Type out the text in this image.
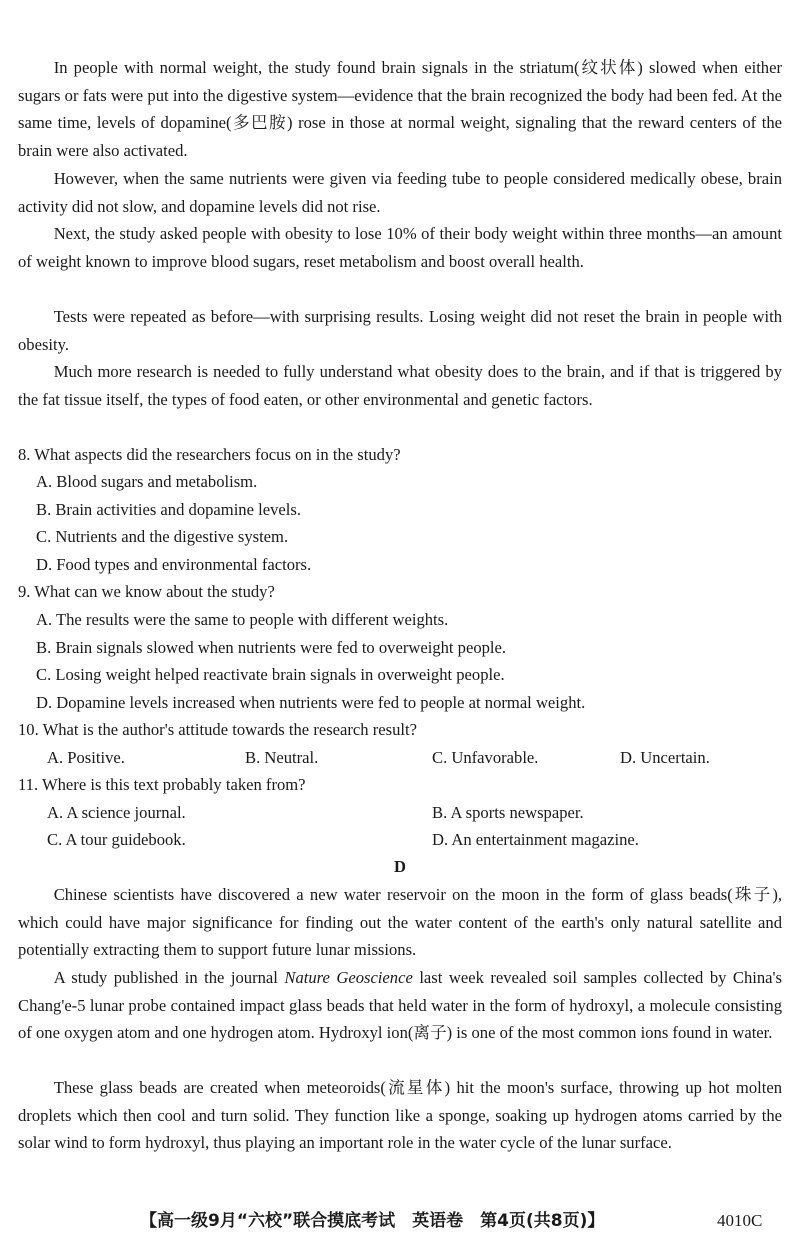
In people with normal weight, the study found brain signals in the striatum(纹状体) slowed when either sugars or fats were put into the digestive system—evidence that the brain recognized the body had been fed. At the same time, levels of dopamine(多巴胺) rose in those at normal weight, signaling that the reward centers of the brain were also activated.

However, when the same nutrients were given via feeding tube to people considered medically obese, brain activity did not slow, and dopamine levels did not rise.

Next, the study asked people with obesity to lose 10% of their body weight within three months—an amount of weight known to improve blood sugars, reset metabolism and boost overall health.

Tests were repeated as before—with surprising results. Losing weight did not reset the brain in people with obesity.

Much more research is needed to fully understand what obesity does to the brain, and if that is triggered by the fat tissue itself, the types of food eaten, or other environmental and genetic factors.

8. What aspects did the researchers focus on in the study?

A. Blood sugars and metabolism.

B. Brain activities and dopamine levels.

C. Nutrients and the digestive system.

D. Food types and environmental factors.

9. What can we know about the study?

A. The results were the same to people with different weights.

B. Brain signals slowed when nutrients were fed to overweight people.

C. Losing weight helped reactivate brain signals in overweight people.

D. Dopamine levels increased when nutrients were fed to people at normal weight.

10. What is the author's attitude towards the research result?

A. Positive.	B. Neutral.	C. Unfavorable.	D. Uncertain.

11. Where is this text probably taken from?

A. A science journal.	B. A sports newspaper.

C. A tour guidebook.	D. An entertainment magazine.

D

Chinese scientists have discovered a new water reservoir on the moon in the form of glass beads(珠子), which could have major significance for finding out the water content of the earth's only natural satellite and potentially extracting them to support future lunar missions.

A study published in the journal Nature Geoscience last week revealed soil samples collected by China's Chang'e-5 lunar probe contained impact glass beads that held water in the form of hydroxyl, a molecule consisting of one oxygen atom and one hydrogen atom. Hydroxyl ion(离子) is one of the most common ions found in water.

These glass beads are created when meteoroids(流星体) hit the moon's surface, throwing up hot molten droplets which then cool and turn solid. They function like a sponge, soaking up hydrogen atoms carried by the solar wind to form hydroxyl, thus playing an important role in the water cycle of the lunar surface.

【高一级9月“六校”联合摸底考试　英语卷　第4页(共8页)】	4010C
